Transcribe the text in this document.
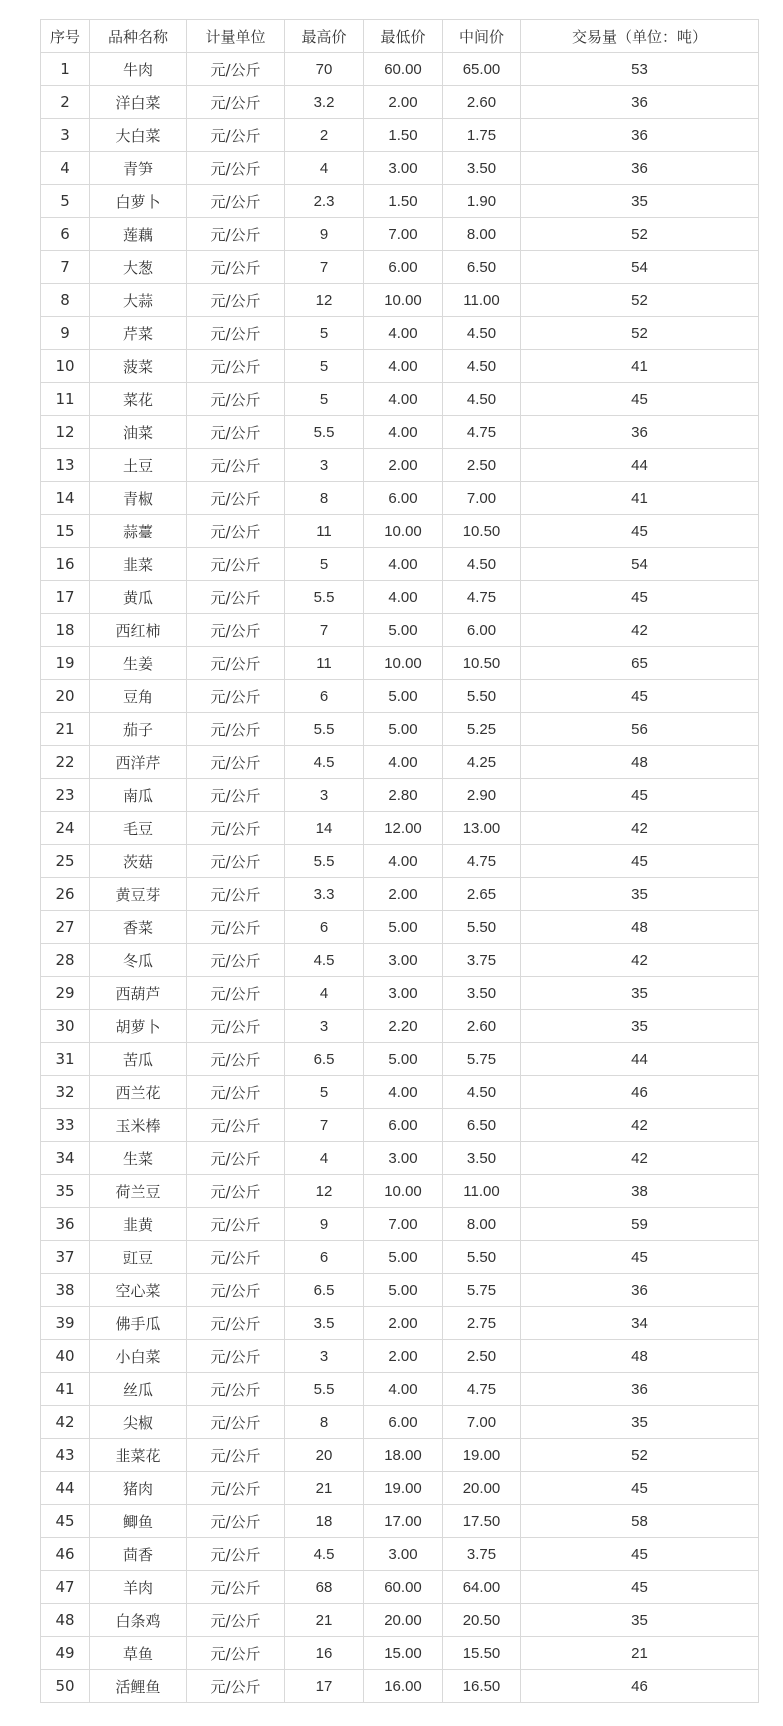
序号	品种名称	计量单位	最高价	最低价	中间价	交易量（单位：吨）
1	牛肉	元/公斤	70	60.00	65.00	53
2	洋白菜	元/公斤	3.2	2.00	2.60	36
3	大白菜	元/公斤	2	1.50	1.75	36
4	青笋	元/公斤	4	3.00	3.50	36
5	白萝卜	元/公斤	2.3	1.50	1.90	35
6	莲藕	元/公斤	9	7.00	8.00	52
7	大葱	元/公斤	7	6.00	6.50	54
8	大蒜	元/公斤	12	10.00	11.00	52
9	芹菜	元/公斤	5	4.00	4.50	52
10	菠菜	元/公斤	5	4.00	4.50	41
11	菜花	元/公斤	5	4.00	4.50	45
12	油菜	元/公斤	5.5	4.00	4.75	36
13	土豆	元/公斤	3	2.00	2.50	44
14	青椒	元/公斤	8	6.00	7.00	41
15	蒜薹	元/公斤	11	10.00	10.50	45
16	韭菜	元/公斤	5	4.00	4.50	54
17	黄瓜	元/公斤	5.5	4.00	4.75	45
18	西红柿	元/公斤	7	5.00	6.00	42
19	生姜	元/公斤	11	10.00	10.50	65
20	豆角	元/公斤	6	5.00	5.50	45
21	茄子	元/公斤	5.5	5.00	5.25	56
22	西洋芹	元/公斤	4.5	4.00	4.25	48
23	南瓜	元/公斤	3	2.80	2.90	45
24	毛豆	元/公斤	14	12.00	13.00	42
25	茨菇	元/公斤	5.5	4.00	4.75	45
26	黄豆芽	元/公斤	3.3	2.00	2.65	35
27	香菜	元/公斤	6	5.00	5.50	48
28	冬瓜	元/公斤	4.5	3.00	3.75	42
29	西葫芦	元/公斤	4	3.00	3.50	35
30	胡萝卜	元/公斤	3	2.20	2.60	35
31	苦瓜	元/公斤	6.5	5.00	5.75	44
32	西兰花	元/公斤	5	4.00	4.50	46
33	玉米棒	元/公斤	7	6.00	6.50	42
34	生菜	元/公斤	4	3.00	3.50	42
35	荷兰豆	元/公斤	12	10.00	11.00	38
36	韭黄	元/公斤	9	7.00	8.00	59
37	豇豆	元/公斤	6	5.00	5.50	45
38	空心菜	元/公斤	6.5	5.00	5.75	36
39	佛手瓜	元/公斤	3.5	2.00	2.75	34
40	小白菜	元/公斤	3	2.00	2.50	48
41	丝瓜	元/公斤	5.5	4.00	4.75	36
42	尖椒	元/公斤	8	6.00	7.00	35
43	韭菜花	元/公斤	20	18.00	19.00	52
44	猪肉	元/公斤	21	19.00	20.00	45
45	鲫鱼	元/公斤	18	17.00	17.50	58
46	茴香	元/公斤	4.5	3.00	3.75	45
47	羊肉	元/公斤	68	60.00	64.00	45
48	白条鸡	元/公斤	21	20.00	20.50	35
49	草鱼	元/公斤	16	15.00	15.50	21
50	活鲤鱼	元/公斤	17	16.00	16.50	46
